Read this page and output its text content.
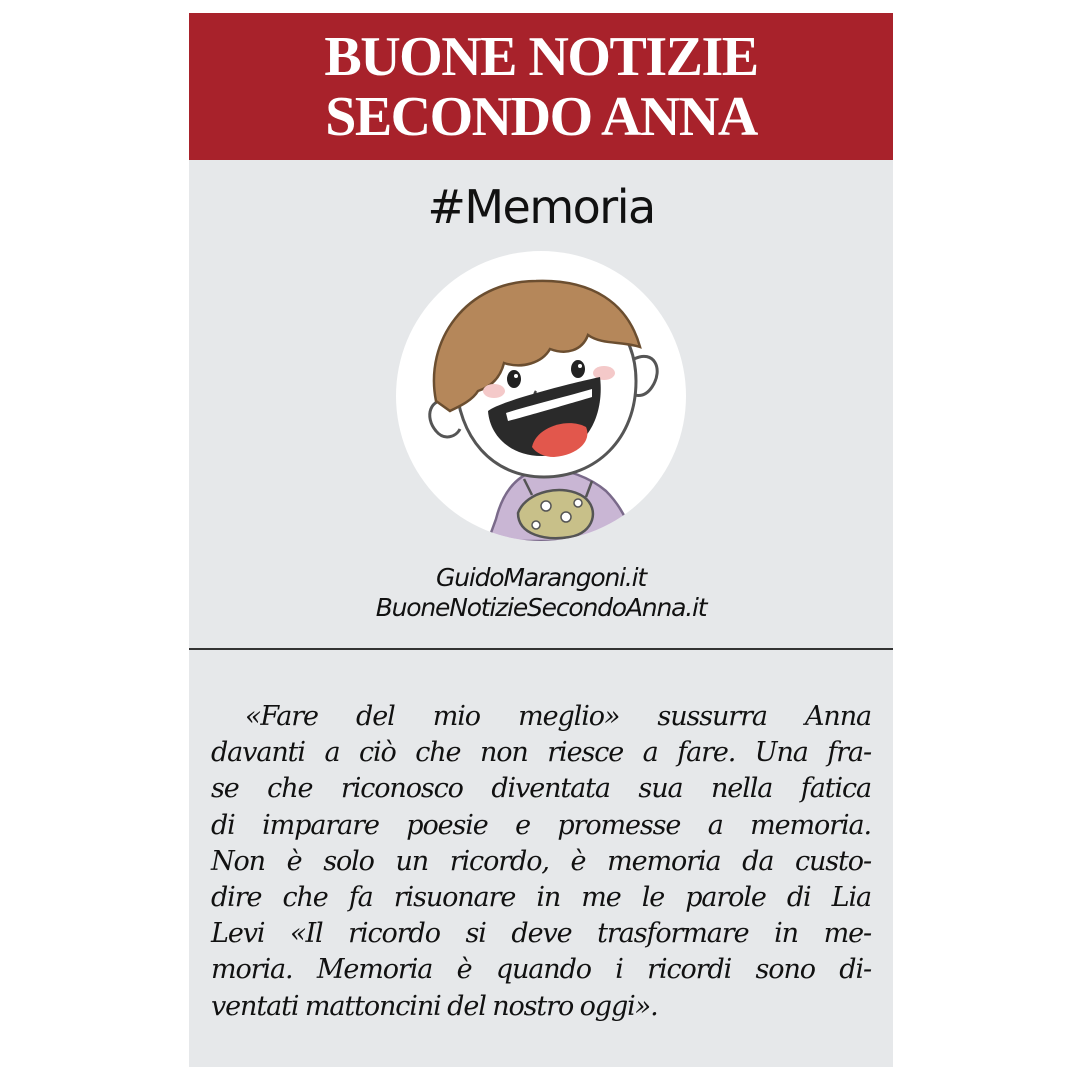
BUONE NOTIZIE
SECONDO ANNA
#Memoria
GuidoMarangoni.it
BuoneNotizieSecondoAnna.it
«Fare del mio meglio» sussurra Anna
davanti a ciò che non riesce a fare. Una fra-
se che riconosco diventata sua nella fatica
di imparare poesie e promesse a memoria.
Non è solo un ricordo, è memoria da custo-
dire che fa risuonare in me le parole di Lia
Levi «Il ricordo si deve trasformare in me-
moria. Memoria è quando i ricordi sono di-
ventati mattoncini del nostro oggi».
